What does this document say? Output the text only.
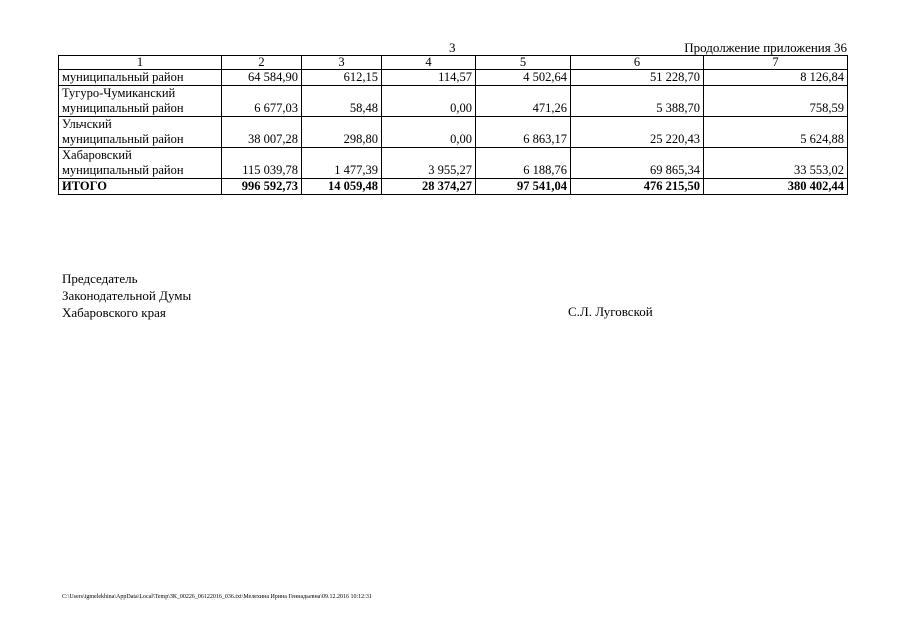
3	Продолжение приложения 36
1	2	3	4	5	6	7

муниципальный район	64 584,90	612,15	114,57	4 502,64	51 228,70	8 126,84

Тугуро-Чумиканский
муниципальный район	6 677,03	58,48	0,00	471,26	5 388,70	758,59

Ульчский
муниципальный район	38 007,28	298,80	0,00	6 863,17	25 220,43	5 624,88

Хабаровский
муниципальный район	115 039,78	1 477,39	3 955,27	6 188,76	69 865,34	33 553,02
ИТОГО	996 592,73	14 059,48	28 374,27	97 541,04	476 215,50	380 402,44
Председатель
Законодательной Думы
Хабаровского края	С.Л. Луговской
C:\Users\igmelekhina\AppData\Local\Temp\ЗК_00226_06122016_036.txt\Мелехина Ирина Геннадьевна\09.12.2016 10:12:31
